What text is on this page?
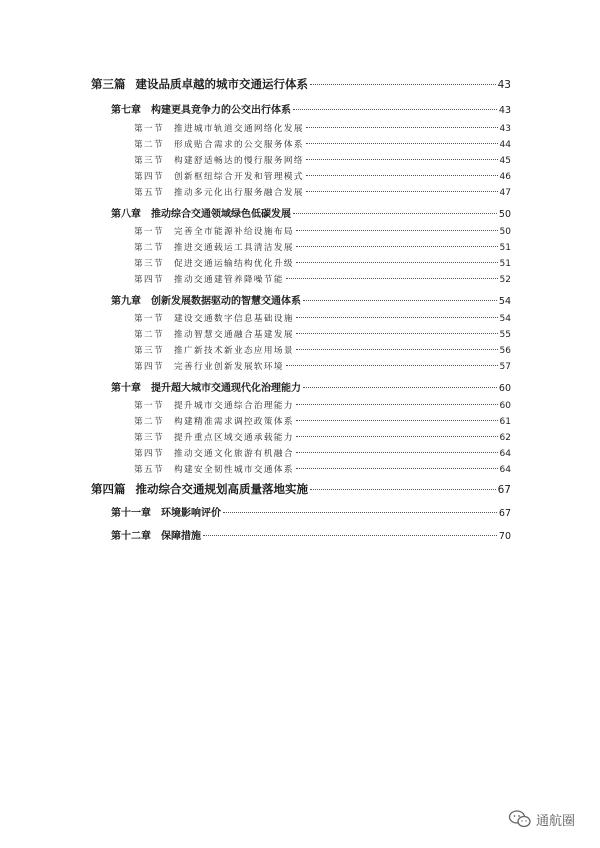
第三篇 建设品质卓越的城市交通运行体系	43
第七章 构建更具竞争力的公交出行体系	43
第一节 推进城市轨道交通网络化发展	43
第二节 形成贴合需求的公交服务体系	44
第三节 构建舒适畅达的慢行服务网络	45
第四节 创新枢纽综合开发和管理模式	46
第五节 推动多元化出行服务融合发展	47
第八章 推动综合交通领域绿色低碳发展	50
第一节 完善全市能源补给设施布局	50
第二节 推进交通载运工具清洁发展	51
第三节 促进交通运输结构优化升级	51
第四节 推动交通建管养降噪节能	52
第九章 创新发展数据驱动的智慧交通体系	54
第一节 建设交通数字信息基础设施	54
第二节 推动智慧交通融合基建发展	55
第三节 推广新技术新业态应用场景	56
第四节 完善行业创新发展软环境	57
第十章 提升超大城市交通现代化治理能力	60
第一节 提升城市交通综合治理能力	60
第二节 构建精准需求调控政策体系	61
第三节 提升重点区域交通承载能力	62
第四节 推动交通文化旅游有机融合	64
第五节 构建安全韧性城市交通体系	64
第四篇 推动综合交通规划高质量落地实施	67
第十一章 环境影响评价	67
第十二章 保障措施	70
通航圈
